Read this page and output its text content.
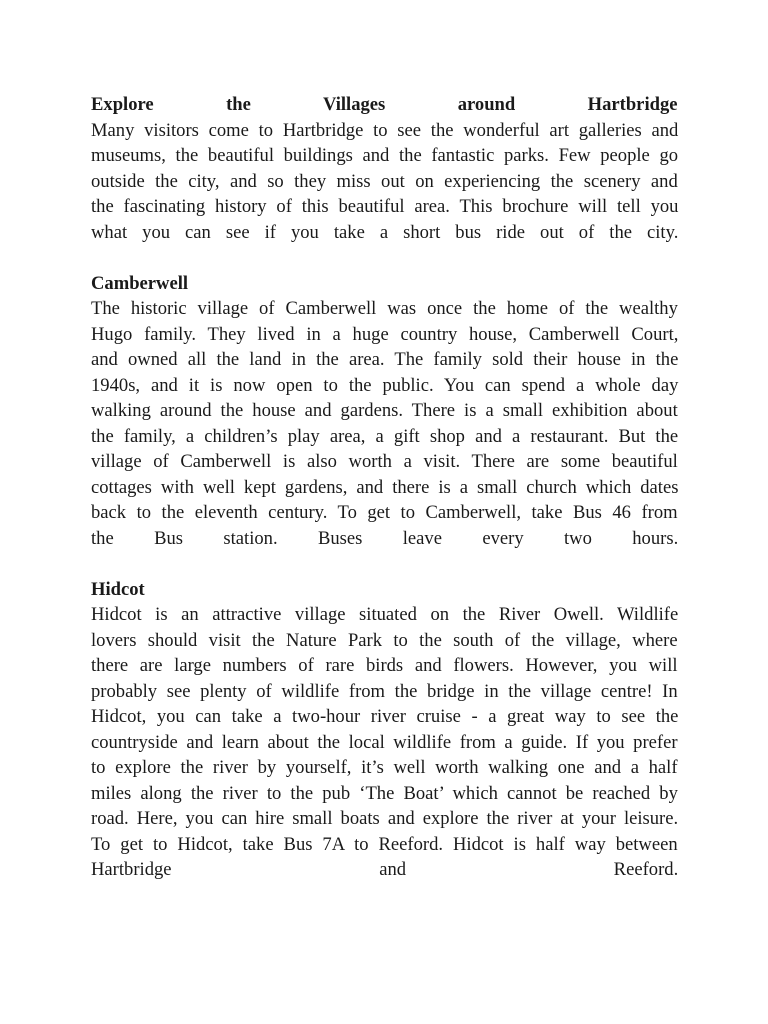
Explore	the	Villages	around	Hartbridge
Many visitors come to Hartbridge to see the wonderful art galleries and
museums, the beautiful buildings and the fantastic parks. Few people go
outside the city, and so they miss out on experiencing the scenery and
the fascinating history of this beautiful area. This brochure will tell you
what you can see if you take a short bus ride out of the city.
Camberwell
The historic village of Camberwell was once the home of the wealthy
Hugo family. They lived in a huge country house, Camberwell Court,
and owned all the land in the area. The family sold their house in the
1940s, and it is now open to the public. You can spend a whole day
walking around the house and gardens. There is a small exhibition about
the family, a children’s play area, a gift shop and a restaurant. But the
village of Camberwell is also worth a visit. There are some beautiful
cottages with well kept gardens, and there is a small church which dates
back to the eleventh century. To get to Camberwell, take Bus 46 from
the Bus station. Buses leave every two hours.
Hidcot
Hidcot is an attractive village situated on the River Owell. Wildlife
lovers should visit the Nature Park to the south of the village, where
there are large numbers of rare birds and flowers. However, you will
probably see plenty of wildlife from the bridge in the village centre! In
Hidcot, you can take a two-hour river cruise - a great way to see the
countryside and learn about the local wildlife from a guide. If you prefer
to explore the river by yourself, it’s well worth walking one and a half
miles along the river to the pub ‘The Boat’ which cannot be reached by
road. Here, you can hire small boats and explore the river at your leisure.
To get to Hidcot, take Bus 7A to Reeford. Hidcot is half way between
Hartbridge and Reeford.
